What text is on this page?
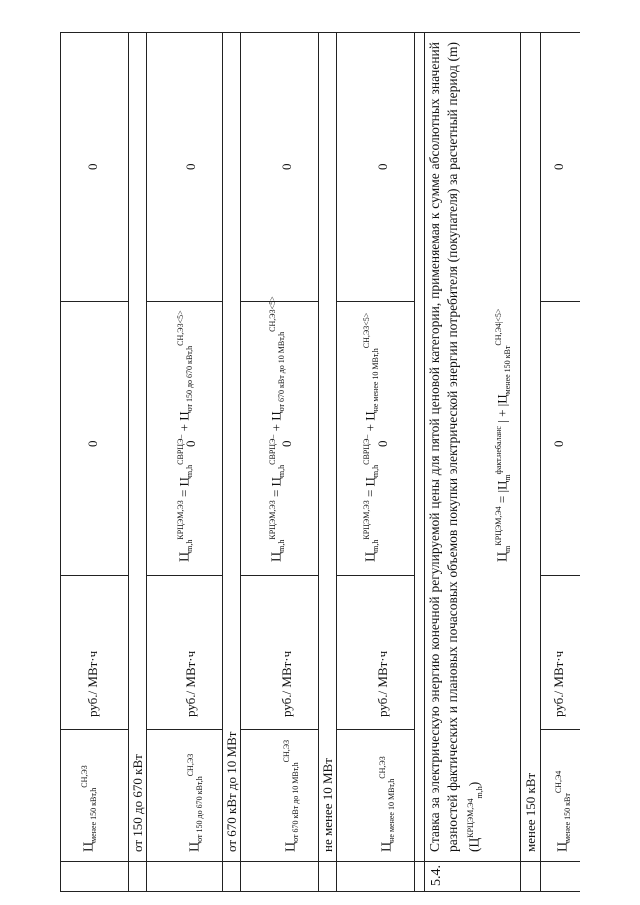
$Ц_{менее 150 кВт,h}^{СН,ЭЗ}$
руб./ МВт·ч
0
0
от 150 до 670 кВт
$Ц_{m,h}^{КРЦЭМ,ЭЗ} = Ц_{m,h}^{СВРЦЭ-} + Ц_{от 150 до 670 кВт,h}^{СН,ЭЗ<5>}$
$Ц_{от 150 до 670 кВт,h}^{СН,ЭЗ}$
руб./ МВт·ч
0
0
от 670 кВт до 10 МВт
$Ц_{m,h}^{КРЦЭМ,ЭЗ} = Ц_{m,h}^{СВРЦЭ-} + Ц_{от 670 кВт до 10 МВт,h}^{СН,ЭЗ<5>}$
$Ц_{от 670 кВт до 10 МВт,h}^{СН,ЭЗ}$
руб./ МВт·ч
0
0
не менее 10 МВт
$Ц_{m,h}^{КРЦЭМ,ЭЗ} = Ц_{m,h}^{СВРЦЭ-} + Ц_{не менее 10 МВт,h}^{СН,ЭЗ<5>}$
$Ц_{не менее 10 МВт,h}^{СН,ЭЗ}$
руб./ МВт·ч
0
0
5.4.
Ставка за электрическую энергию конечной регулируемой цены для пятой ценовой категории, применяемая к сумме абсолютных значений разностей фактических и плановых почасовых объемов покупки электрической энергии потребителя (покупателя) за расчетный период (m) $(Ц^{КРЦЭМ,Э4}_{m,h})$	менее 150 кВт
$Ц_m^{КРЦЭМ,Э4} = |Ц_m^{факт.небаланс}$ | + $|Ц_{менее 150 кВт}^{СН,Э4|<5>}$
$Ц_{менее 150 кВт}^{СН,Э4}$
руб./ МВт·ч
0
0
